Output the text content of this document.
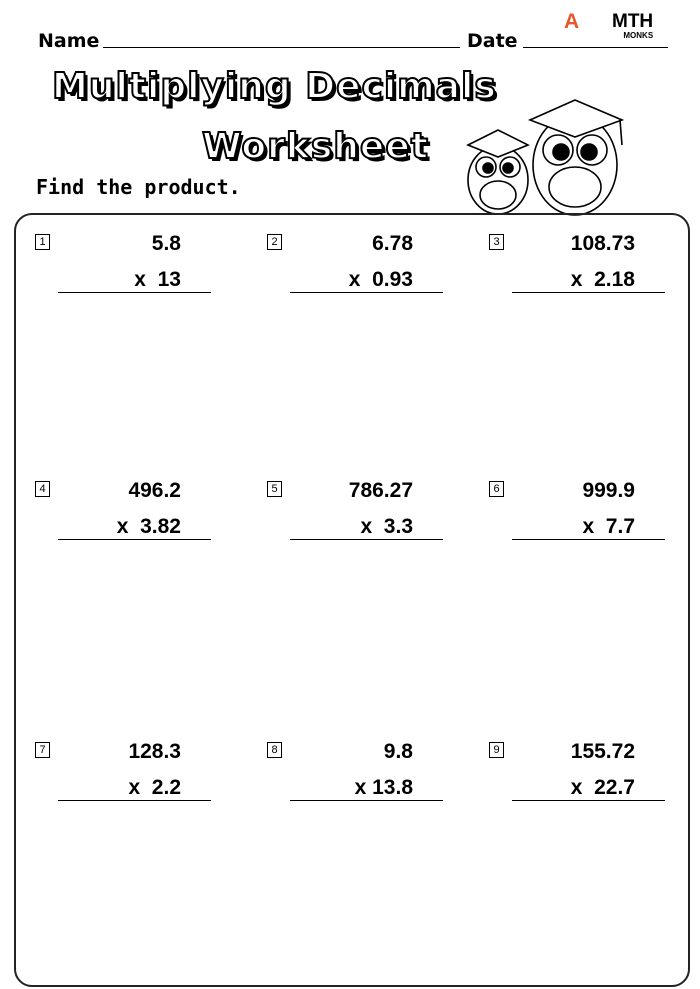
Name	Date
M
A	TH
MONKS
Multiplying Decimals
Worksheet
Find the product.
1	5.8
x  13
2	6.78
x  0.93
3	108.73
x  2.18
4	496.2
x  3.82
5	786.27
x  3.3
6	999.9
x  7.7
7	128.3
x  2.2
8	9.8
x 13.8
9	155.72
x  22.7
